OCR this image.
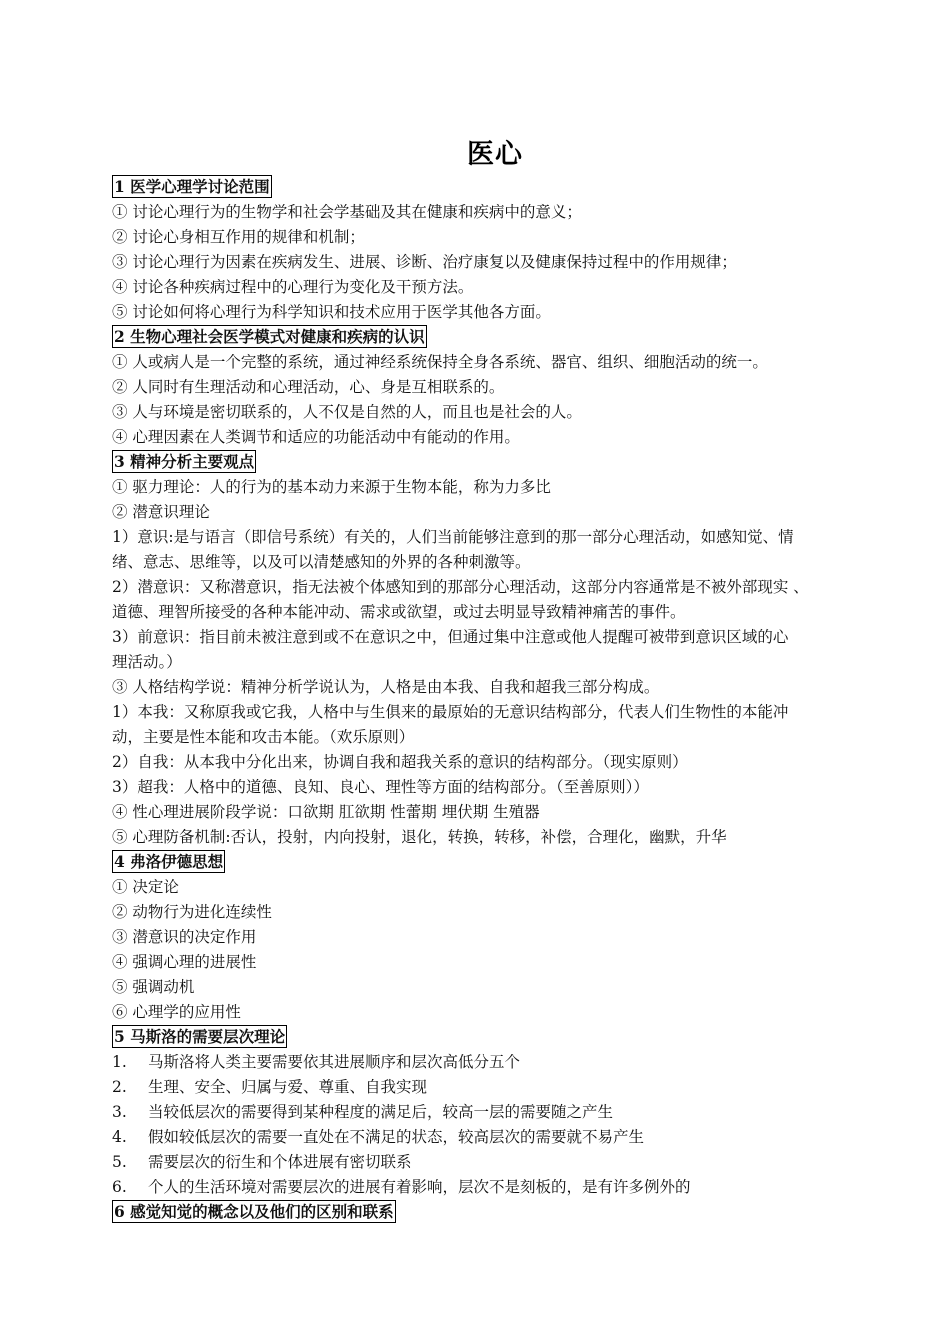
医心
1 医学心理学讨论范围
① 讨论心理行为的生物学和社会学基础及其在健康和疾病中的意义；
② 讨论心身相互作用的规律和机制；
③ 讨论心理行为因素在疾病发生、进展、诊断、治疗康复以及健康保持过程中的作用规律；
④ 讨论各种疾病过程中的心理行为变化及干预方法。
⑤ 讨论如何将心理行为科学知识和技术应用于医学其他各方面。
2 生物心理社会医学模式对健康和疾病的认识
① 人或病人是一个完整的系统，通过神经系统保持全身各系统、器官、组织、细胞活动的统一。
② 人同时有生理活动和心理活动，心、身是互相联系的。
③ 人与环境是密切联系的，人不仅是自然的人，而且也是社会的人。
④ 心理因素在人类调节和适应的功能活动中有能动的作用。
3 精神分析主要观点
① 驱力理论：人的行为的基本动力来源于生物本能，称为力多比
② 潜意识理论
1）意识:是与语言（即信号系统）有关的，人们当前能够注意到的那一部分心理活动，如感知觉、情
绪、意志、思维等，以及可以清楚感知的外界的各种刺激等。
2）潜意识：又称潜意识，指无法被个体感知到的那部分心理活动，这部分内容通常是不被外部现实 、
道德、理智所接受的各种本能冲动、需求或欲望，或过去明显导致精神痛苦的事件。
3）前意识：指目前未被注意到或不在意识之中，但通过集中注意或他人提醒可被带到意识区域的心
理活动。）
③ 人格结构学说：精神分析学说认为，人格是由本我、自我和超我三部分构成。
1）本我：又称原我或它我，人格中与生俱来的最原始的无意识结构部分，代表人们生物性的本能冲
动，主要是性本能和攻击本能。（欢乐原则）
2）自我：从本我中分化出来，协调自我和超我关系的意识的结构部分。（现实原则）
3）超我：人格中的道德、良知、良心、理性等方面的结构部分。（至善原则））
④ 性心理进展阶段学说：口欲期 肛欲期 性蕾期 埋伏期 生殖器
⑤ 心理防备机制:否认，投射，内向投射，退化，转换，转移，补偿，合理化，幽默，升华
4 弗洛伊德思想
① 决定论
② 动物行为进化连续性
③ 潜意识的决定作用
④ 强调心理的进展性
⑤ 强调动机
⑥ 心理学的应用性
5 马斯洛的需要层次理论
1. 马斯洛将人类主要需要依其进展顺序和层次高低分五个
2. 生理、安全、归属与爱、尊重、自我实现
3. 当较低层次的需要得到某种程度的满足后，较高一层的需要随之产生
4. 假如较低层次的需要一直处在不满足的状态，较高层次的需要就不易产生
5. 需要层次的衍生和个体进展有密切联系
6. 个人的生活环境对需要层次的进展有着影响，层次不是刻板的，是有许多例外的
6 感觉知觉的概念以及他们的区别和联系
